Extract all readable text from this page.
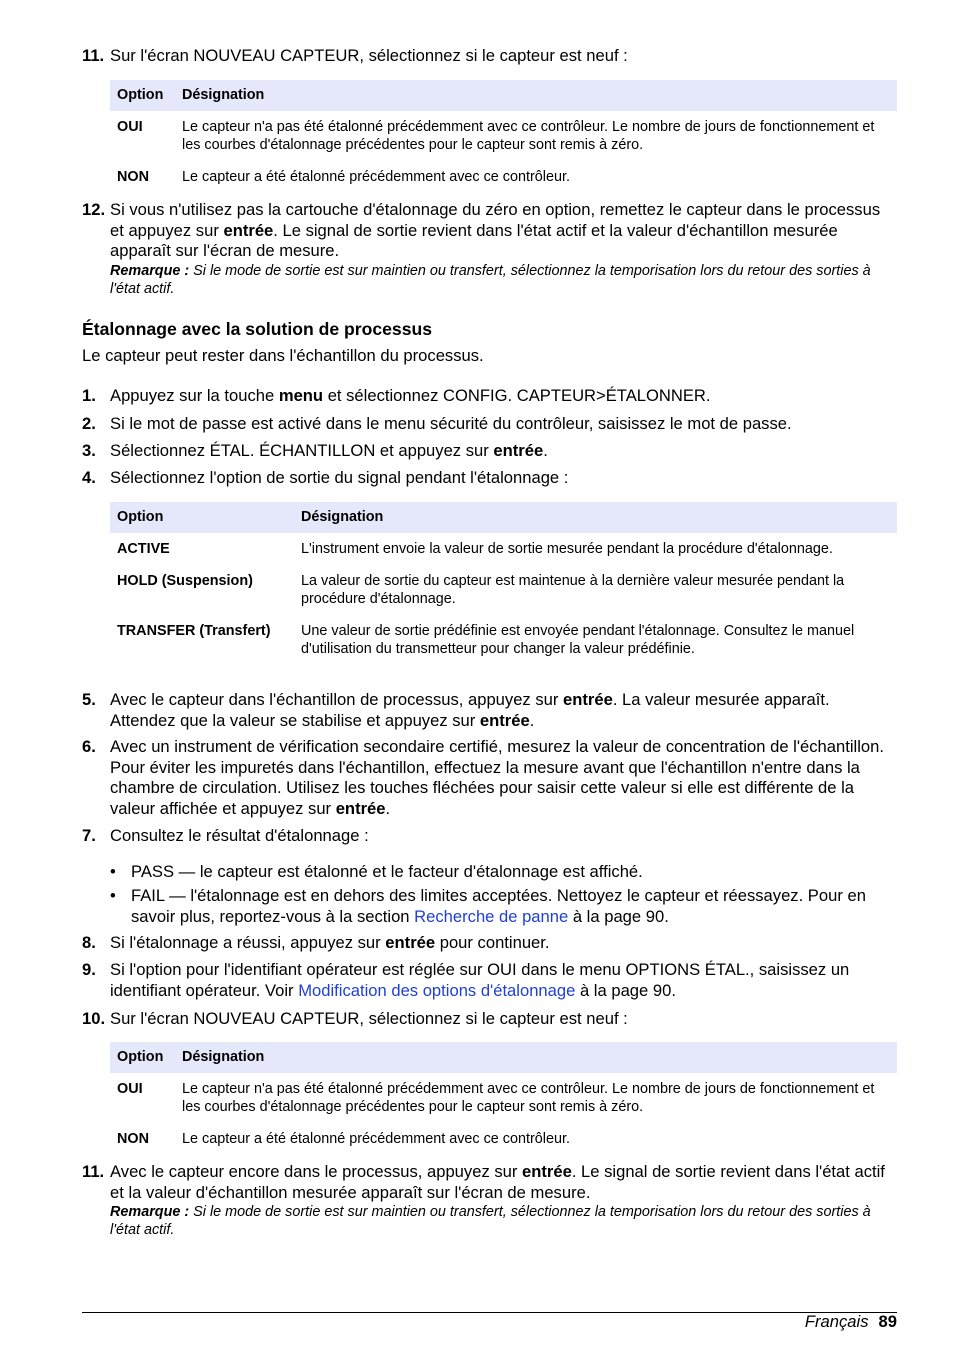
11. Sur l'écran NOUVEAU CAPTEUR, sélectionnez si le capteur est neuf :
Option	Désignation
OUI	Le capteur n'a pas été étalonné précédemment avec ce contrôleur. Le nombre de jours de fonctionnement et les courbes d'étalonnage précédentes pour le capteur sont remis à zéro.
NON	Le capteur a été étalonné précédemment avec ce contrôleur.
12. Si vous n'utilisez pas la cartouche d'étalonnage du zéro en option, remettez le capteur dans le processus et appuyez sur entrée. Le signal de sortie revient dans l'état actif et la valeur d'échantillon mesurée apparaît sur l'écran de mesure.
Remarque : Si le mode de sortie est sur maintien ou transfert, sélectionnez la temporisation lors du retour des sorties à l'état actif.
Étalonnage avec la solution de processus
Le capteur peut rester dans l'échantillon du processus.
1. Appuyez sur la touche menu et sélectionnez CONFIG. CAPTEUR>ÉTALONNER.
2. Si le mot de passe est activé dans le menu sécurité du contrôleur, saisissez le mot de passe.
3. Sélectionnez ÉTAL. ÉCHANTILLON et appuyez sur entrée.
4. Sélectionnez l'option de sortie du signal pendant l'étalonnage :
Option	Désignation
ACTIVE	L'instrument envoie la valeur de sortie mesurée pendant la procédure d'étalonnage.
HOLD (Suspension)	La valeur de sortie du capteur est maintenue à la dernière valeur mesurée pendant la procédure d'étalonnage.
TRANSFER (Transfert)	Une valeur de sortie prédéfinie est envoyée pendant l'étalonnage. Consultez le manuel d'utilisation du transmetteur pour changer la valeur prédéfinie.
5. Avec le capteur dans l'échantillon de processus, appuyez sur entrée. La valeur mesurée apparaît. Attendez que la valeur se stabilise et appuyez sur entrée.
6. Avec un instrument de vérification secondaire certifié, mesurez la valeur de concentration de l'échantillon. Pour éviter les impuretés dans l'échantillon, effectuez la mesure avant que l'échantillon n'entre dans la chambre de circulation. Utilisez les touches fléchées pour saisir cette valeur si elle est différente de la valeur affichée et appuyez sur entrée.
7. Consultez le résultat d'étalonnage :
• PASS — le capteur est étalonné et le facteur d'étalonnage est affiché.
• FAIL — l'étalonnage est en dehors des limites acceptées. Nettoyez le capteur et réessayez. Pour en savoir plus, reportez-vous à la section Recherche de panne à la page 90.
8. Si l'étalonnage a réussi, appuyez sur entrée pour continuer.
9. Si l'option pour l'identifiant opérateur est réglée sur OUI dans le menu OPTIONS ÉTAL., saisissez un identifiant opérateur. Voir Modification des options d'étalonnage à la page 90.
10. Sur l'écran NOUVEAU CAPTEUR, sélectionnez si le capteur est neuf :
Option	Désignation
OUI	Le capteur n'a pas été étalonné précédemment avec ce contrôleur. Le nombre de jours de fonctionnement et les courbes d'étalonnage précédentes pour le capteur sont remis à zéro.
NON	Le capteur a été étalonné précédemment avec ce contrôleur.
11. Avec le capteur encore dans le processus, appuyez sur entrée. Le signal de sortie revient dans l'état actif et la valeur d'échantillon mesurée apparaît sur l'écran de mesure.
Remarque : Si le mode de sortie est sur maintien ou transfert, sélectionnez la temporisation lors du retour des sorties à l'état actif.
Français 89
